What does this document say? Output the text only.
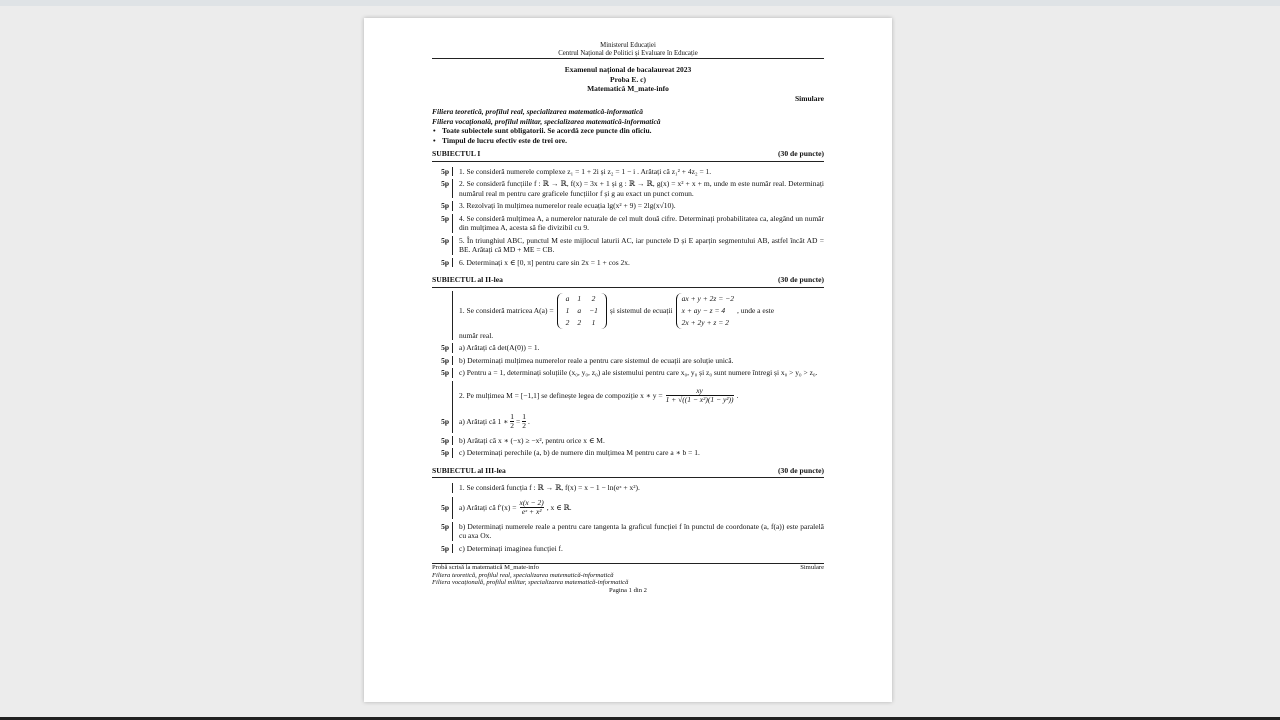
Ministerul Educației
Centrul Național de Politici și Evaluare în Educație
Examenul național de bacalaureat 2023
Proba E. c)
Matematică M_mate-info
Simulare
Filiera teoretică, profilul real, specializarea matematică-informatică
Filiera vocațională, profilul militar, specializarea matematică-informatică
• Toate subiectele sunt obligatorii. Se acordă zece puncte din oficiu.
• Timpul de lucru efectiv este de trei ore.
SUBIECTUL I	(30 de puncte)
5p	1. Se consideră numerele complexe z₁ = 1 + 2i și z₂ = 1 − i . Arătați că z₁² + 4z₂ = 1.
5p	2. Se consideră funcțiile f : ℝ → ℝ, f(x) = 3x + 1 și g : ℝ → ℝ, g(x) = x² + x + m, unde m este număr real. Determinați numărul real m pentru care graficele funcțiilor f și g au exact un punct comun.
5p	3. Rezolvați în mulțimea numerelor reale ecuația lg(x² + 9) = 2lg(x√10).
5p	4. Se consideră mulțimea A, a numerelor naturale de cel mult două cifre. Determinați probabilitatea ca, alegând un număr din mulțimea A, acesta să fie divizibil cu 9.
5p	5. În triunghiul ABC, punctul M este mijlocul laturii AC, iar punctele D și E aparțin segmentului AB, astfel încât AD = BE. Arătați că MD + ME = CB.
5p	6. Determinați x ∈ [0, π] pentru care sin 2x = 1 + cos 2x.
SUBIECTUL al II-lea	(30 de puncte)
1. Se consideră matricea A(a) =
a	1	2
1	a	−1
2	2	1
și sistemul de ecuații
ax + y + 2z = −2
x + ay − z = 4
2x + 2y + z = 2
, unde a este
număr real.
5p	a) Arătați că det(A(0)) = 1.
5p	b) Determinați mulțimea numerelor reale a pentru care sistemul de ecuații are soluție unică.
5p	c) Pentru a = 1, determinați soluțiile (x₀, y₀, z₀) ale sistemului pentru care x₀, y₀ și z₀ sunt numere întregi și x₀ > y₀ > z₀.
2. Pe mulțimea M = [−1,1] se definește legea de compoziție x ∗ $y = \frac{xy}{\text{1 + √((1 − x²)(1 − y²))}}$ .
5p	a) Arătați că 1 ∗ $\frac{1}{2} = \frac{1}{2}$ .
5p	b) Arătați că x ∗ (−x) ≥ −x², pentru orice x ∈ M.
5p	c) Determinați perechile (a, b) de numere din mulțimea M pentru care a ∗ b = 1.
SUBIECTUL al III-lea	(30 de puncte)
1. Se consideră funcția f : ℝ → ℝ, f(x) = x − 1 − ln(eˣ + x²).
5p	a) Arătați că $f'(x) = \frac{x(x - 2)}{\text{eˣ + x²}}$ , x ∈ ℝ.
5p	b) Determinați numerele reale a pentru care tangenta la graficul funcției f în punctul de coordonate (a, f(a)) este paralelă cu axa Ox.
5p	c) Determinați imaginea funcției f.
Probă scrisă la matematică M_mate-info	Simulare
Filiera teoretică, profilul real, specializarea matematică-informatică
Filiera vocațională, profilul militar, specializarea matematică-informatică
Pagina 1 din 2
